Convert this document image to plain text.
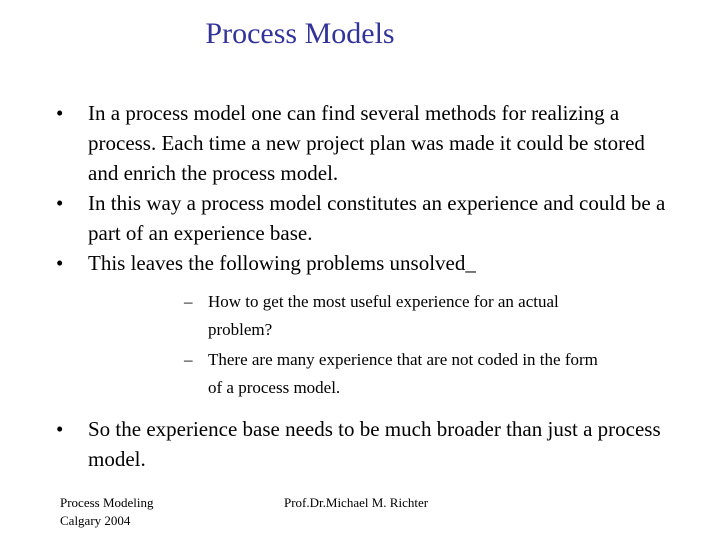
Process Models
• In a process model one can find several methods for realizing a process. Each time a new project plan was made it could be stored and enrich the process model.
• In this way a process model constitutes an experience and could be a part of an experience base.
• This leaves the following problems unsolved_
– How to get the most useful experience for an actual problem?
– There are many experience that are not coded in the form of a process model.
• So the experience base needs to be much broader than just a process model.
Process Modeling
Calgary 2004
Prof.Dr.Michael M. Richter
